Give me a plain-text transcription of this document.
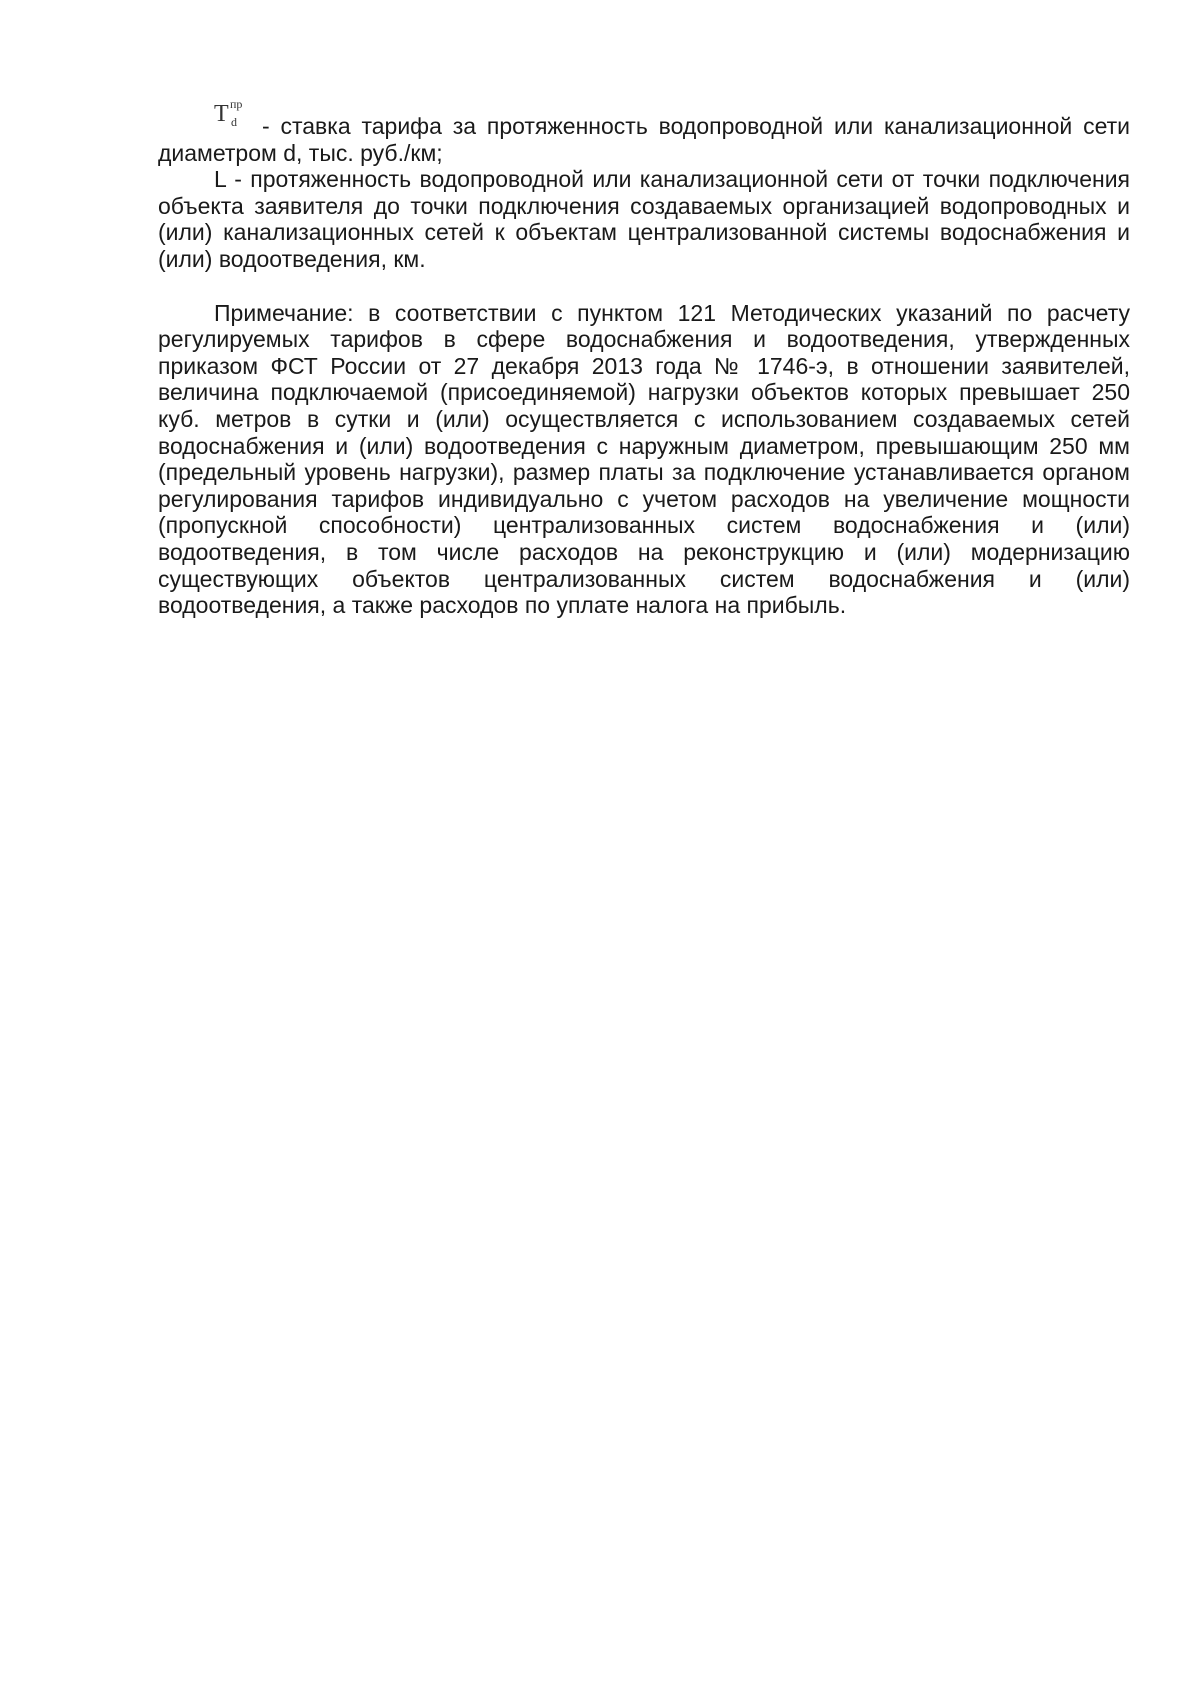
T пр
d - ставка тарифа за протяженность водопроводной или канализационной сети диаметром d, тыс. руб./км;

L - протяженность водопроводной или канализационной сети от точки подключения объекта заявителя до точки подключения создаваемых организацией водопроводных и (или) канализационных сетей к объектам централизованной системы водоснабжения и (или) водоотведения, км.

Примечание: в соответствии с пунктом 121 Методических указаний по расчету регулируемых тарифов в сфере водоснабжения и водоотведения, утвержденных приказом ФСТ России от 27 декабря 2013 года № 1746-э, в отношении заявителей, величина подключаемой (присоединяемой) нагрузки объектов которых превышает 250 куб. метров в сутки и (или) осуществляется с использованием создаваемых сетей водоснабжения и (или) водоотведения с наружным диаметром, превышающим 250 мм (предельный уровень нагрузки), размер платы за подключение устанавливается органом регулирования тарифов индивидуально с учетом расходов на увеличение мощности (пропускной способности) централизованных систем водоснабжения и (или) водоотведения, в том числе расходов на реконструкцию и (или) модернизацию существующих объектов централизованных систем водоснабжения и (или) водоотведения, а также расходов по уплате налога на прибыль.
